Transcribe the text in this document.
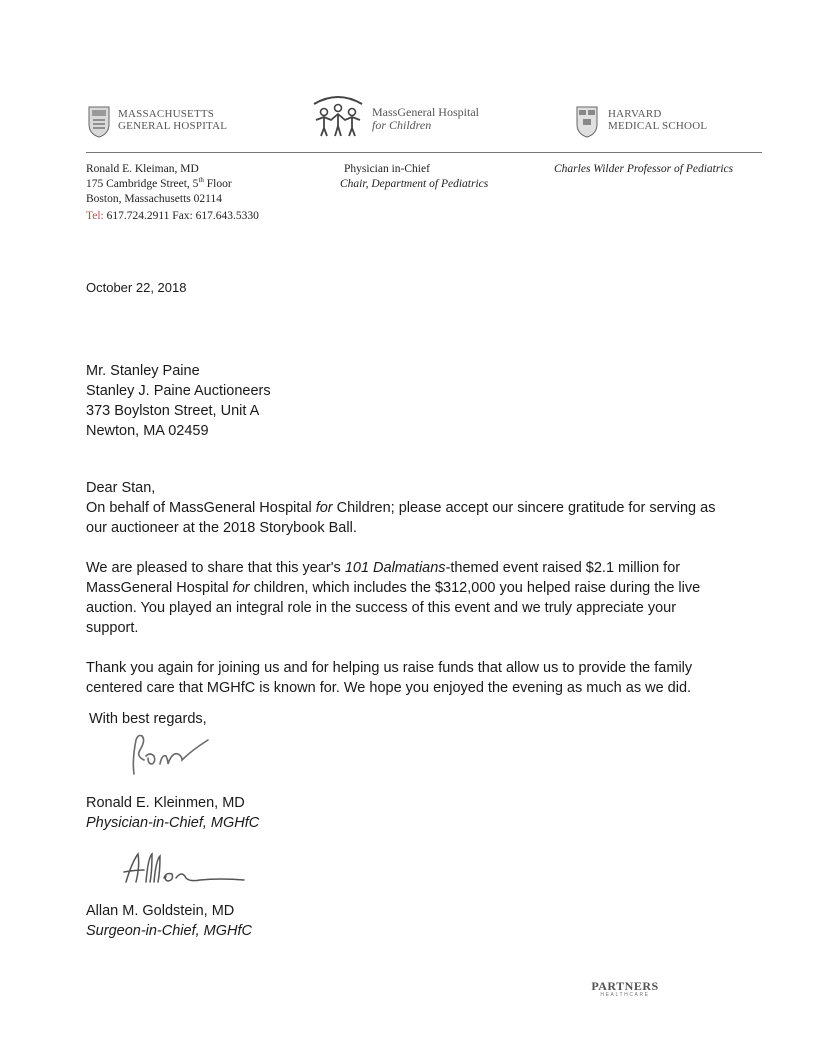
MASSACHUSETTS
GENERAL HOSPITAL
MassGeneral Hospital
for Children
HARVARD
MEDICAL SCHOOL
Ronald E. Kleiman, MD
175 Cambridge Street, 5th Floor
Boston, Massachusetts 02114
Tel: 617.724.2911 Fax: 617.643.5330
Physician in-Chief
Chair, Department of Pediatrics
Charles Wilder Professor of Pediatrics
October 22, 2018
Mr. Stanley Paine
Stanley J. Paine Auctioneers
373 Boylston Street, Unit A
Newton, MA 02459
Dear Stan,
On behalf of MassGeneral Hospital for Children; please accept our sincere gratitude for serving as
our auctioneer at the 2018 Storybook Ball.
We are pleased to share that this year's 101 Dalmatians-themed event raised $2.1 million for
MassGeneral Hospital for children, which includes the $312,000 you helped raise during the live
auction. You played an integral role in the success of this event and we truly appreciate your
support.
Thank you again for joining us and for helping us raise funds that allow us to provide the family
centered care that MGHfC is known for. We hope you enjoyed the evening as much as we did.
With best regards,
Ronald E. Kleinmen, MD
Physician-in-Chief, MGHfC
Allan M. Goldstein, MD
Surgeon-in-Chief, MGHfC
PARTNERS
HEALTHCARE
